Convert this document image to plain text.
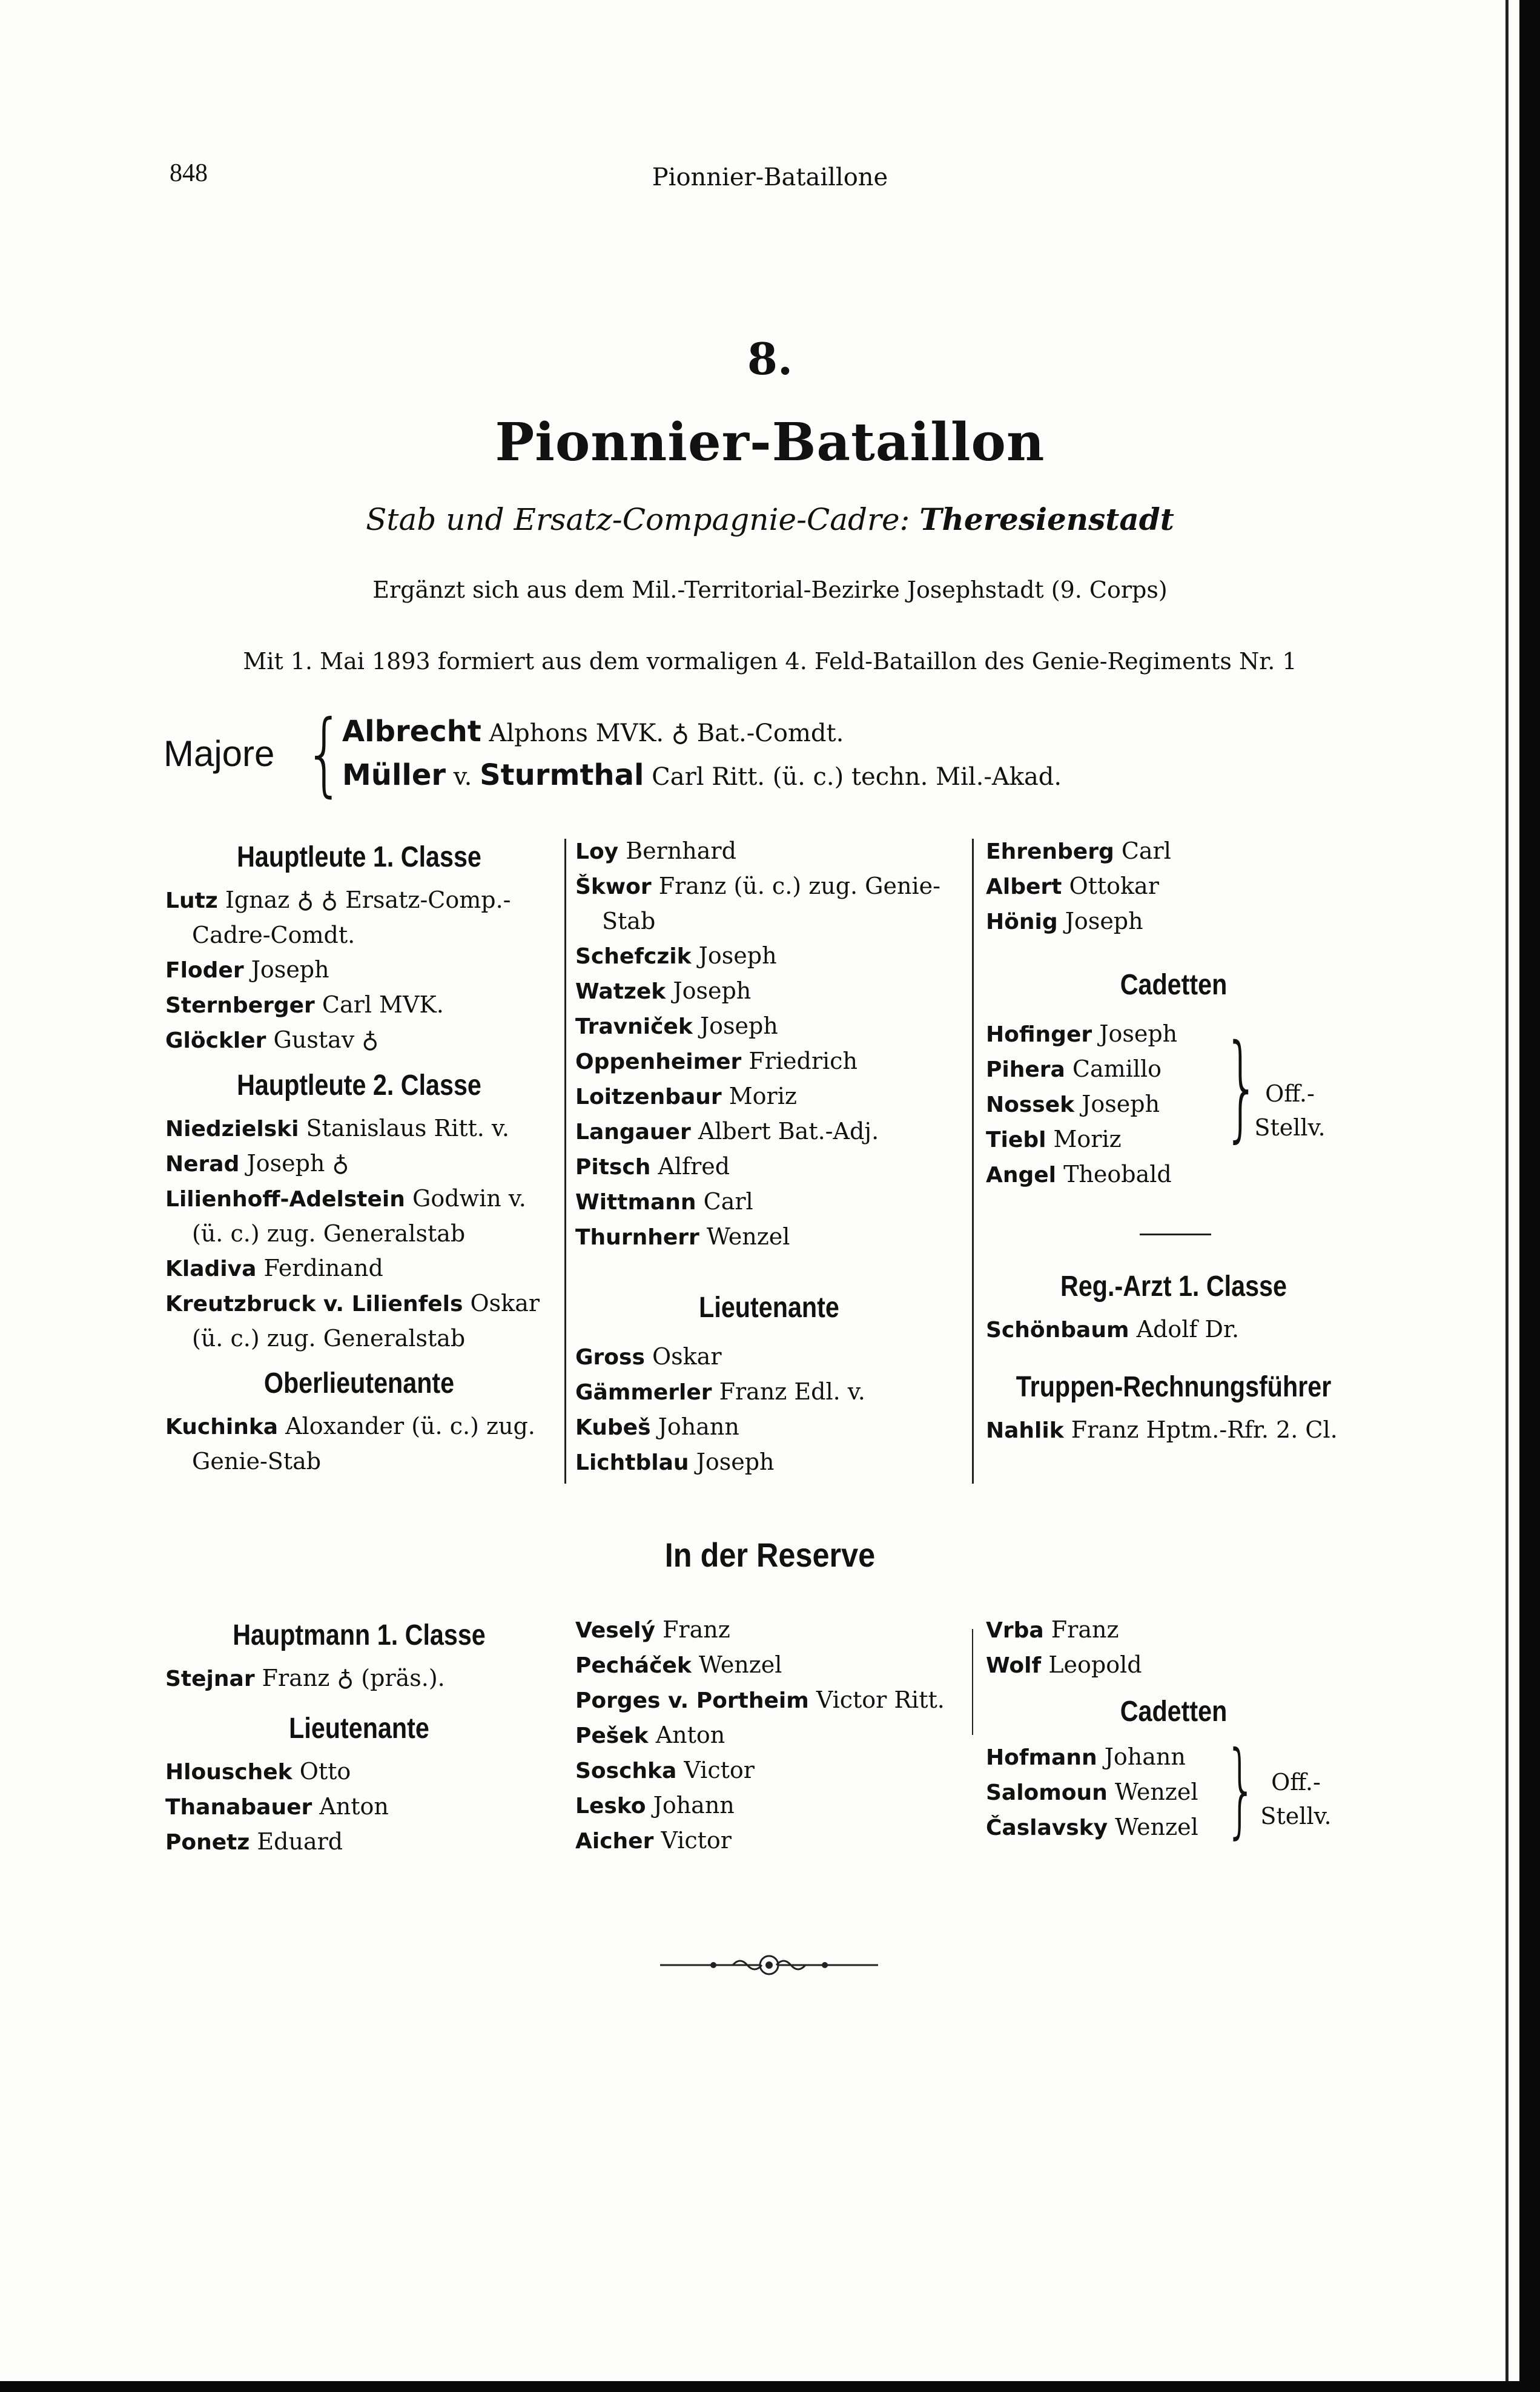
848	Pionnier-Bataillone
8.
Pionnier-Bataillon
Stab und Ersatz-Compagnie-Cadre: Theresienstadt
Ergänzt sich aus dem Mil.-Territorial-Bezirke Josephstadt (9. Corps)
Mit 1. Mai 1893 formiert aus dem vormaligen 4. Feld-Bataillon des Genie-Regiments Nr. 1
Majore {
Albrecht Alphons MVK. ♁ Bat.-Comdt.
Müller v. Sturmthal Carl Ritt. (ü. c.) techn. Mil.-Akad.
Hauptleute 1. Classe
Lutz Ignaz ♁ ♁ Ersatz-Comp.-
Cadre-Comdt.
Floder Joseph
Sternberger Carl MVK.
Glöckler Gustav ♁
Hauptleute 2. Classe
Niedzielski Stanislaus Ritt. v.
Nerad Joseph ♁
Lilienhoff-Adelstein Godwin v.
(ü. c.) zug. Generalstab
Kladiva Ferdinand
Kreutzbruck v. Lilienfels Oskar
(ü. c.) zug. Generalstab
Oberlieutenante
Kuchinka Aloxander (ü. c.) zug.
Genie-Stab
Loy Bernhard
Škwor Franz (ü. c.) zug. Genie-
Stab
Schefczik Joseph
Watzek Joseph
Travniček Joseph
Oppenheimer Friedrich
Loitzenbaur Moriz
Langauer Albert Bat.-Adj.
Pitsch Alfred
Wittmann Carl
Thurnherr Wenzel
Lieutenante
Gross Oskar
Gämmerler Franz Edl. v.
Kubeš Johann
Lichtblau Joseph
Ehrenberg Carl
Albert Ottokar
Hönig Joseph
Cadetten
Hofinger Joseph
Pihera Camillo
Nossek Joseph
Tiebl Moriz
Angel Theobald
Reg.-Arzt 1. Classe
Schönbaum Adolf Dr.
Truppen-Rechnungsführer
Nahlik Franz Hptm.-Rfr. 2. Cl.
} Off.-
Stellv.
In der Reserve
Hauptmann 1. Classe
Stejnar Franz ♁ (präs.).
Lieutenante
Hlouschek Otto
Thanabauer Anton
Ponetz Eduard
Veselý Franz
Pecháček Wenzel
Porges v. Portheim Victor Ritt.
Pešek Anton
Soschka Victor
Lesko Johann
Aicher Victor
Vrba Franz
Wolf Leopold
Cadetten
Hofmann Johann
Salomoun Wenzel
Časlavsky Wenzel } Off.-
Stellv.
